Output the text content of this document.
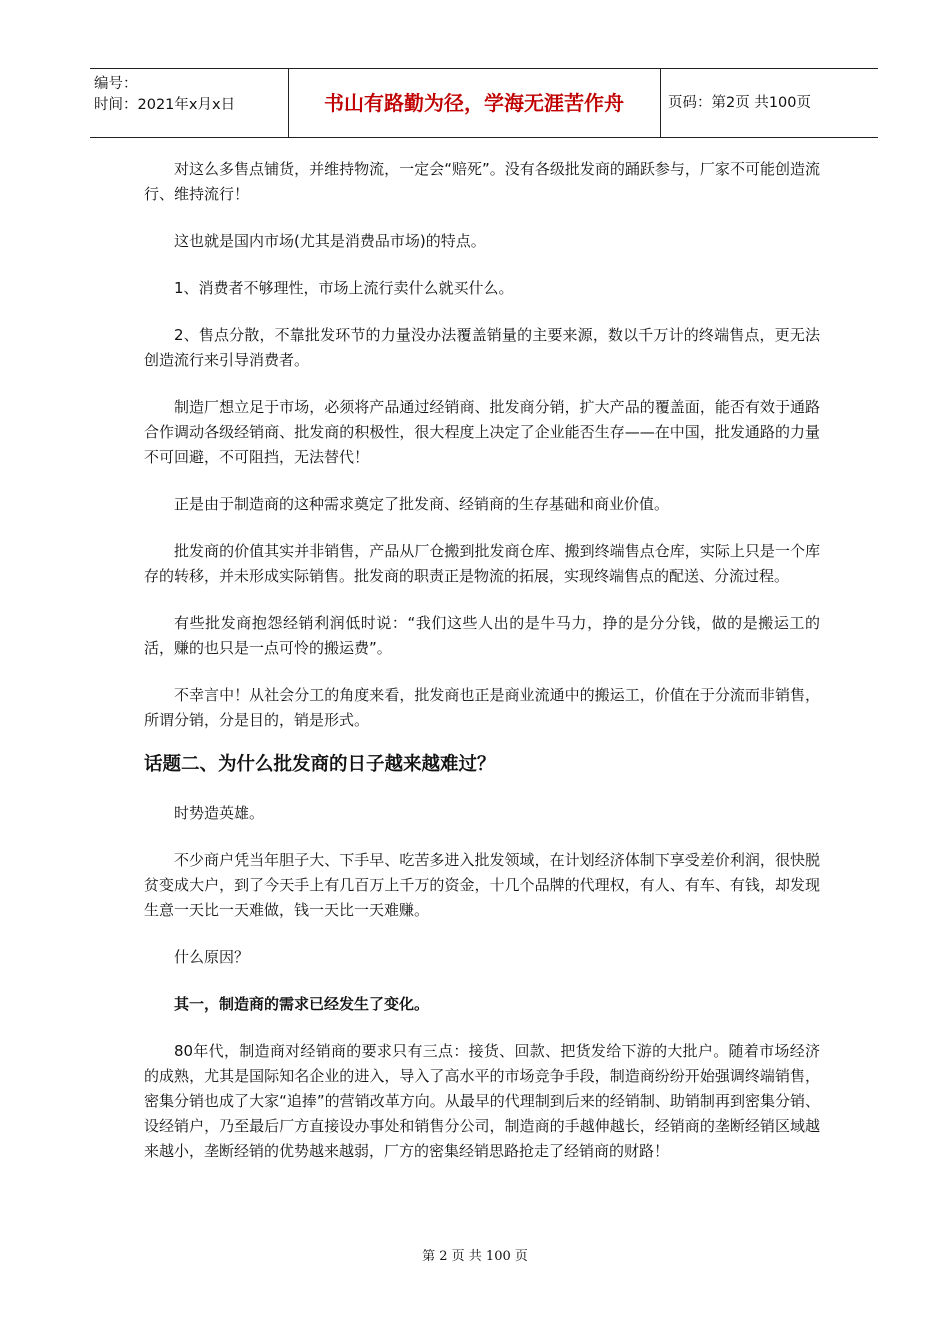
编号：
时间：2021年x月x日	书山有路勤为径，学海无涯苦作舟	页码：第2页 共100页

对这么多售点铺货，并维持物流，一定会“赔死”。没有各级批发商的踊跃参与，厂家不可能创造流行、维持流行！

这也就是国内市场(尤其是消费品市场)的特点。

1、消费者不够理性，市场上流行卖什么就买什么。

2、售点分散，不靠批发环节的力量没办法覆盖销量的主要来源，数以千万计的终端售点，更无法创造流行来引导消费者。

制造厂想立足于市场，必须将产品通过经销商、批发商分销，扩大产品的覆盖面，能否有效于通路合作调动各级经销商、批发商的积极性，很大程度上决定了企业能否生存——在中国，批发通路的力量不可回避，不可阻挡，无法替代！

正是由于制造商的这种需求奠定了批发商、经销商的生存基础和商业价值。

批发商的价值其实并非销售，产品从厂仓搬到批发商仓库、搬到终端售点仓库，实际上只是一个库存的转移，并未形成实际销售。批发商的职责正是物流的拓展，实现终端售点的配送、分流过程。

有些批发商抱怨经销利润低时说：“我们这些人出的是牛马力，挣的是分分钱，做的是搬运工的活，赚的也只是一点可怜的搬运费”。

不幸言中！从社会分工的角度来看，批发商也正是商业流通中的搬运工，价值在于分流而非销售，所谓分销，分是目的，销是形式。

话题二、为什么批发商的日子越来越难过？

时势造英雄。

不少商户凭当年胆子大、下手早、吃苦多进入批发领域，在计划经济体制下享受差价利润，很快脱贫变成大户，到了今天手上有几百万上千万的资金，十几个品牌的代理权，有人、有车、有钱，却发现生意一天比一天难做，钱一天比一天难赚。

什么原因？

其一，制造商的需求已经发生了变化。

80年代，制造商对经销商的要求只有三点：接货、回款、把货发给下游的大批户。随着市场经济的成熟，尤其是国际知名企业的进入，导入了高水平的市场竞争手段，制造商纷纷开始强调终端销售，密集分销也成了大家“追捧”的营销改革方向。从最早的代理制到后来的经销制、助销制再到密集分销、设经销户，乃至最后厂方直接设办事处和销售分公司，制造商的手越伸越长，经销商的垄断经销区域越来越小，垄断经销的优势越来越弱，厂方的密集经销思路抢走了经销商的财路！

第 2 页 共 100 页
